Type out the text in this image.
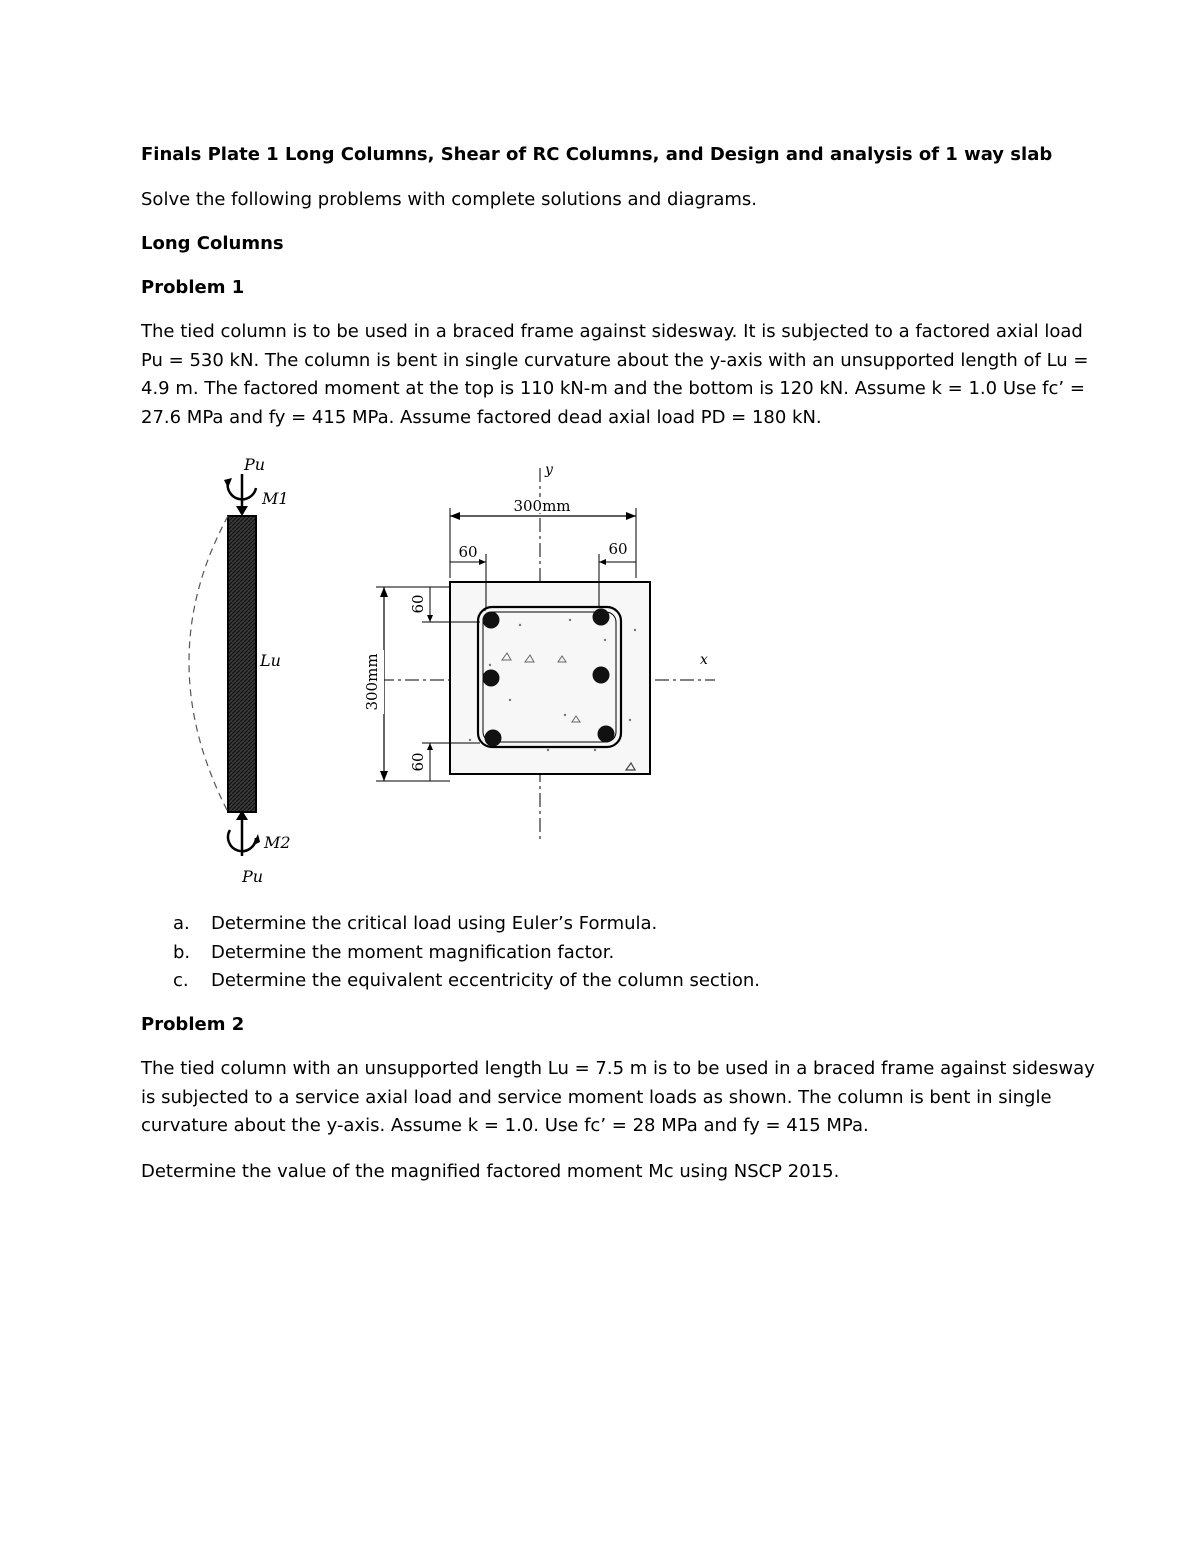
Finals Plate 1 Long Columns, Shear of RC Columns, and Design and analysis of 1 way slab
Solve the following problems with complete solutions and diagrams.
Long Columns
Problem 1
The tied column is to be used in a braced frame against sidesway. It is subjected to a factored axial load
Pu = 530 kN. The column is bent in single curvature about the y-axis with an unsupported length of Lu =
4.9 m. The factored moment at the top is 110 kN-m and the bottom is 120 kN. Assume k = 1.0 Use fc’ =
27.6 MPa and fy = 415 MPa. Assume factored dead axial load PD = 180 kN.
Pu
M1
Lu
M2
Pu
y
x
300mm
60	60
300mm
60
60
a.	Determine the critical load using Euler’s Formula.
b.	Determine the moment magnification factor.
c.	Determine the equivalent eccentricity of the column section.
Problem 2
The tied column with an unsupported length Lu = 7.5 m is to be used in a braced frame against sidesway
is subjected to a service axial load and service moment loads as shown. The column is bent in single
curvature about the y-axis. Assume k = 1.0. Use fc’ = 28 MPa and fy = 415 MPa.
Determine the value of the magnified factored moment Mc using NSCP 2015.
